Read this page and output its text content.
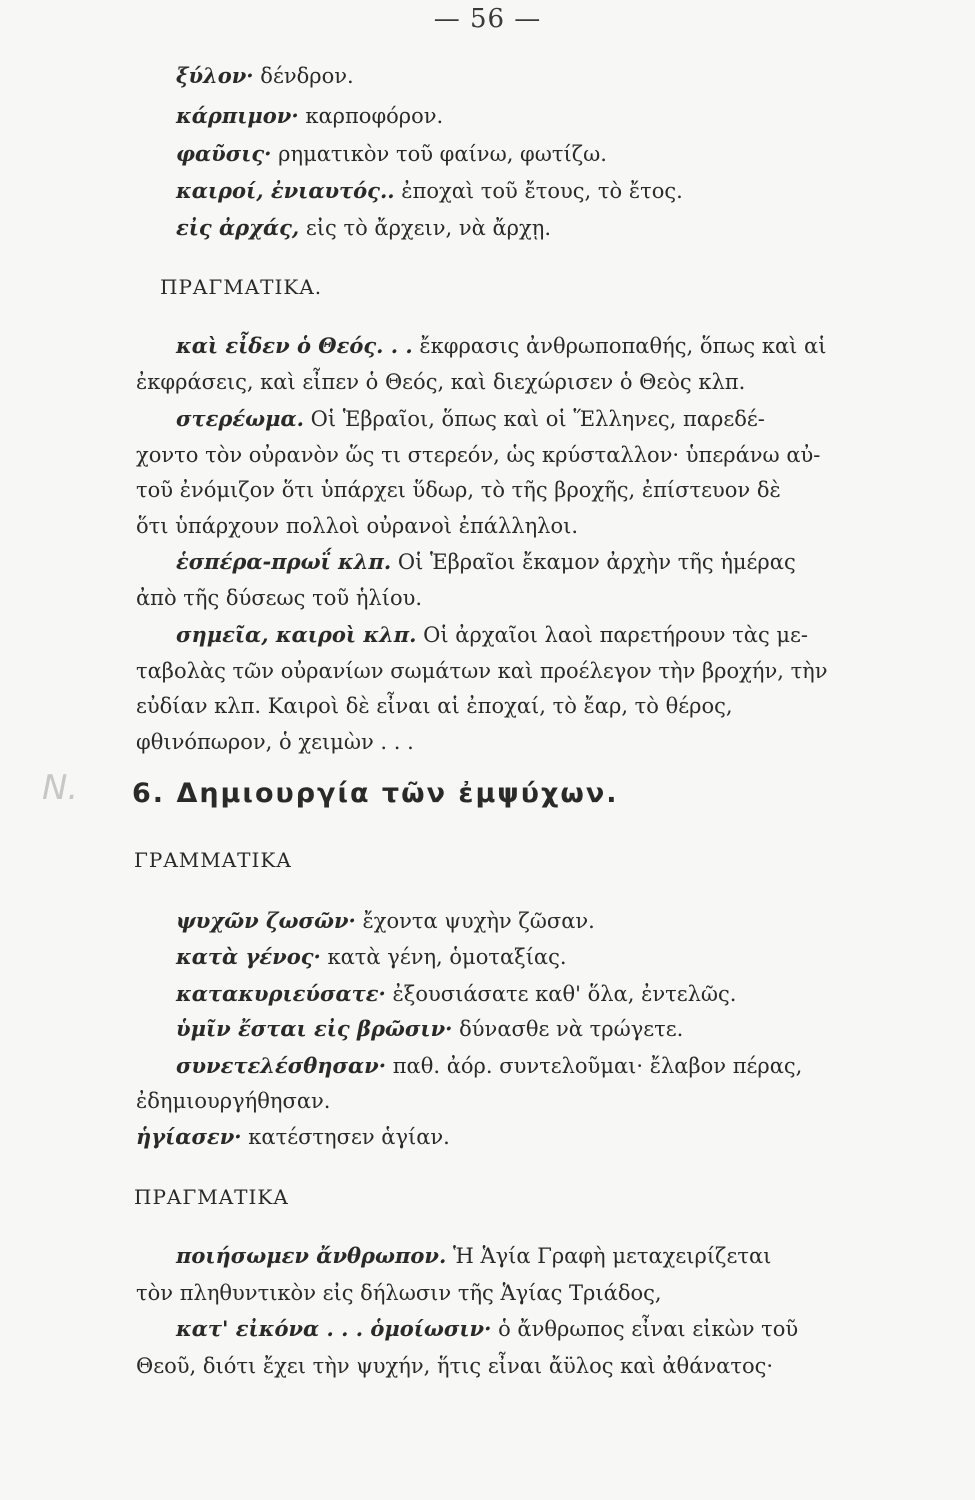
— 56 —
ξύλον· δένδρον.
κάρπιμον· καρποφόρον.
φαῦσις· ρηματικὸν τοῦ φαίνω, φωτίζω.
καιροί, ἐνιαυτός.. ἐποχαὶ τοῦ ἔτους, τὸ ἔτος.
εἰς ἀρχάς, εἰς τὸ ἄρχειν, νὰ ἄρχῃ.
ΠΡΑΓΜΑΤΙΚΑ.
καὶ εἶδεν ὁ Θεός. . . ἔκφρασις ἀνθρωποπαθής, ὅπως καὶ αἱ
ἐκφράσεις, καὶ εἶπεν ὁ Θεός, καὶ διεχώρισεν ὁ Θεὸς κλπ.
στερέωμα. Οἱ Ἑβραῖοι, ὅπως καὶ οἱ Ἕλληνες, παρεδέ-
χοντο τὸν οὐρανὸν ὥς τι στερεόν, ὡς κρύσταλλον· ὑπεράνω αὐ-
τοῦ ἐνόμιζον ὅτι ὑπάρχει ὕδωρ, τὸ τῆς βροχῆς, ἐπίστευον δὲ
ὅτι ὑπάρχουν πολλοὶ οὐρανοὶ ἐπάλληλοι.
ἑσπέρα-πρωΐ κλπ. Οἱ Ἑβραῖοι ἔκαμον ἀρχὴν τῆς ἡμέρας
ἀπὸ τῆς δύσεως τοῦ ἡλίου.
σημεῖα, καιροὶ κλπ. Οἱ ἀρχαῖοι λαοὶ παρετήρουν τὰς με-
ταβολὰς τῶν οὐρανίων σωμάτων καὶ προέλεγον τὴν βροχήν, τὴν
εὐδίαν κλπ. Καιροὶ δὲ εἶναι αἱ ἐποχαί, τὸ ἔαρ, τὸ θέρος,
φθινόπωρον, ὁ χειμὼν . . .
N. 6. Δημιουργία τῶν ἐμψύχων.
ΓΡΑΜΜΑΤΙΚΑ
ψυχῶν ζωσῶν· ἔχοντα ψυχὴν ζῶσαν.
κατὰ γένος· κατὰ γένη, ὁμοταξίας.
κατακυριεύσατε· ἐξουσιάσατε καθ' ὅλα, ἐντελῶς.
ὑμῖν ἔσται εἰς βρῶσιν· δύνασθε νὰ τρώγετε.
συνετελέσθησαν· παθ. ἀόρ. συντελοῦμαι· ἔλαβον πέρας,
ἐδημιουργήθησαν.
ἡγίασεν· κατέστησεν ἁγίαν.
ΠΡΑΓΜΑΤΙΚΑ
ποιήσωμεν ἄνθρωπον. Ἡ Ἁγία Γραφὴ μεταχειρίζεται
τὸν πληθυντικὸν εἰς δήλωσιν τῆς Ἁγίας Τριάδος,
κατ' εἰκόνα . . . ὁμοίωσιν· ὁ ἄνθρωπος εἶναι εἰκὼν τοῦ
Θεοῦ, διότι ἔχει τὴν ψυχήν, ἥτις εἶναι ἄϋλος καὶ ἀθάνατος·
